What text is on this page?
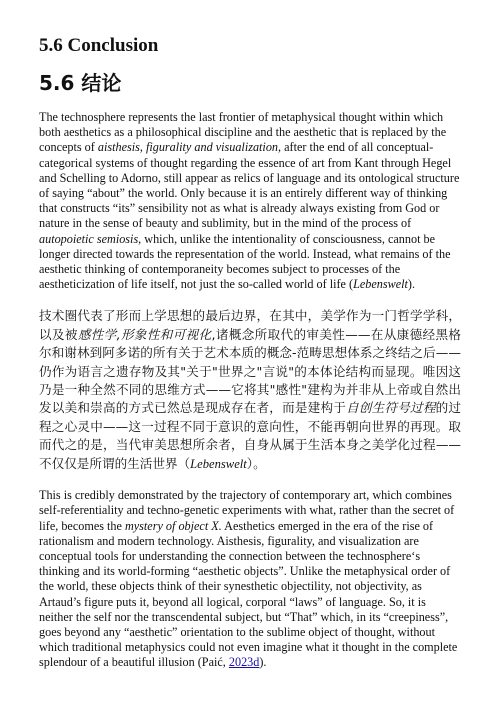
5.6 Conclusion
5.6 结论

The technosphere represents the last frontier of metaphysical thought within which both aesthetics as a philosophical discipline and the aesthetic that is replaced by the concepts of aisthesis, figurality and visualization, after the end of all conceptual-categorical systems of thought regarding the essence of art from Kant through Hegel and Schelling to Adorno, still appear as relics of language and its ontological structure of saying “about” the world. Only because it is an entirely different way of thinking that constructs “its” sensibility not as what is already always existing from God or nature in the sense of beauty and sublimity, but in the mind of the process of autopoietic semiosis, which, unlike the intentionality of consciousness, cannot be longer directed towards the representation of the world. Instead, what remains of the aesthetic thinking of contemporaneity becomes subject to processes of the aestheticization of life itself, not just the so-called world of life (Lebenswelt).

技术圈代表了形而上学思想的最后边界，在其中，美学作为一门哲学学科，以及被感性学,形象性和可视化,诸概念所取代的审美性——在从康德经黑格尔和谢林到阿多诺的所有关于艺术本质的概念-范畴思想体系之终结之后——仍作为语言之遗存物及其"关于"世界之"言说"的本体论结构而显现。唯因这乃是一种全然不同的思维方式——它将其"感性"建构为并非从上帝或自然出发以美和崇高的方式已然总是现成存在者，而是建构于自创生符号过程的过程之心灵中——这一过程不同于意识的意向性，不能再朝向世界的再现。取而代之的是，当代审美思想所余者，自身从属于生活本身之美学化过程——不仅仅是所谓的生活世界（Lebenswelt）。

This is credibly demonstrated by the trajectory of contemporary art, which combines self-referentiality and techno-genetic experiments with what, rather than the secret of life, becomes the mystery of object X. Aesthetics emerged in the era of the rise of rationalism and modern technology. Aisthesis, figurality, and visualization are conceptual tools for understanding the connection between the technosphere‘s thinking and its world-forming “aesthetic objects”. Unlike the metaphysical order of the world, these objects think of their synesthetic objectility, not objectivity, as Artaud’s figure puts it, beyond all logical, corporal “laws” of language. So, it is neither the self nor the transcendental subject, but “That” which, in its “creepiness”, goes beyond any “aesthetic” orientation to the sublime object of thought, without which traditional metaphysics could not even imagine what it thought in the complete splendour of a beautiful illusion (Paić, 2023d).
